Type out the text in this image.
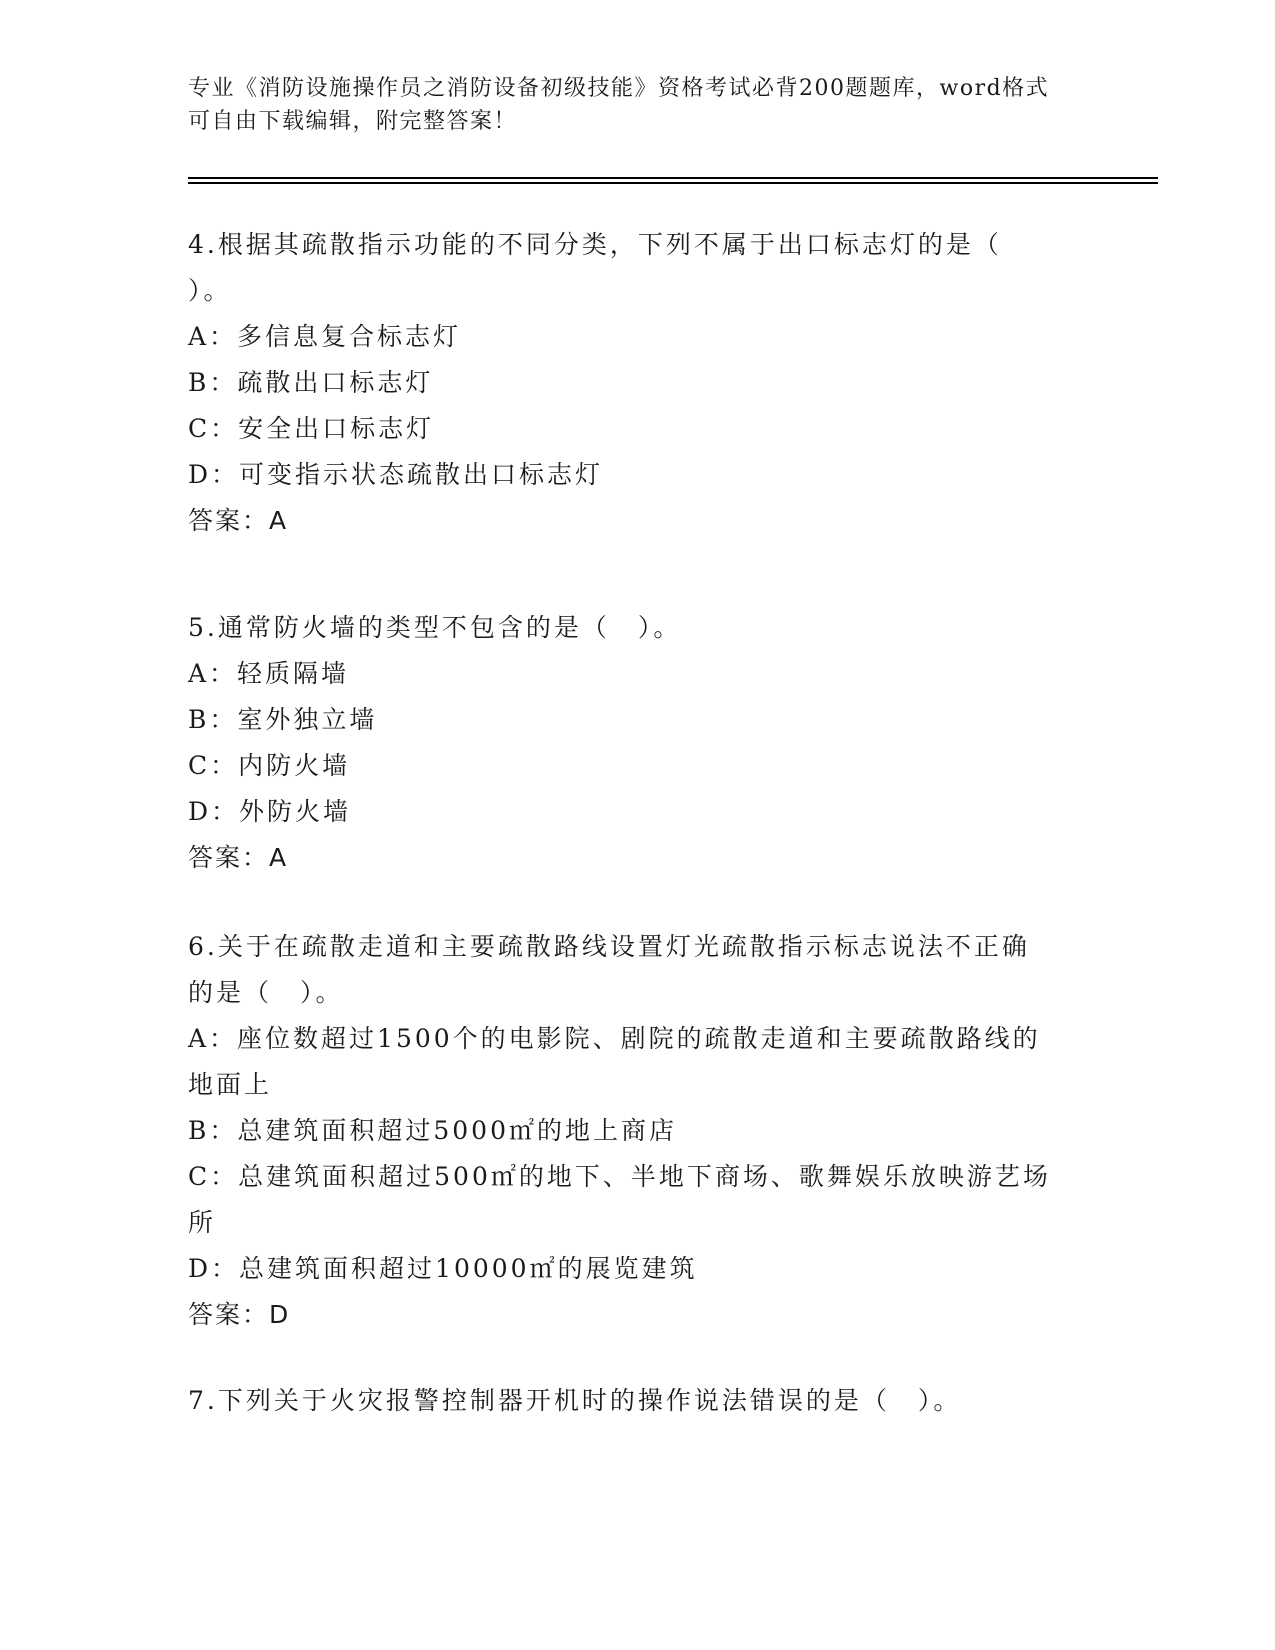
专业《消防设施操作员之消防设备初级技能》资格考试必背200题题库，word格式可自由下载编辑，附完整答案！
4.根据其疏散指示功能的不同分类，下列不属于出口标志灯的是（
）。
A：多信息复合标志灯
B：疏散出口标志灯
C：安全出口标志灯
D：可变指示状态疏散出口标志灯
答案：A
5.通常防火墙的类型不包含的是（　）。
A：轻质隔墙
B：室外独立墙
C：内防火墙
D：外防火墙
答案：A
6.关于在疏散走道和主要疏散路线设置灯光疏散指示标志说法不正确
的是（　）。
A：座位数超过1500个的电影院、剧院的疏散走道和主要疏散路线的
地面上
B：总建筑面积超过5000㎡的地上商店
C：总建筑面积超过500㎡的地下、半地下商场、歌舞娱乐放映游艺场
所
D：总建筑面积超过10000㎡的展览建筑
答案：D
7.下列关于火灾报警控制器开机时的操作说法错误的是（　）。
